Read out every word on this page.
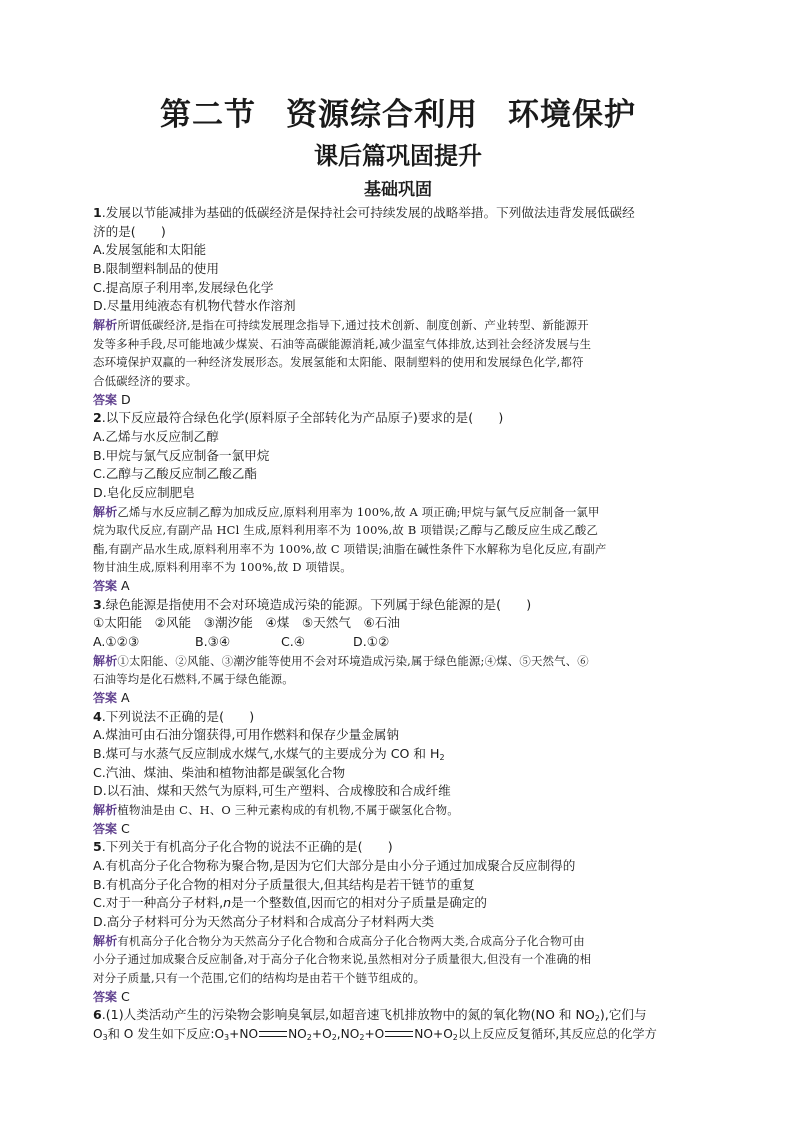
第二节 资源综合利用 环境保护
课后篇巩固提升
基础巩固
1.发展以节能减排为基础的低碳经济是保持社会可持续发展的战略举措。下列做法违背发展低碳经
济的是(　　)
A.发展氢能和太阳能
B.限制塑料制品的使用
C.提高原子利用率,发展绿色化学
D.尽量用纯液态有机物代替水作溶剂
解析所谓低碳经济,是指在可持续发展理念指导下,通过技术创新、制度创新、产业转型、新能源开
发等多种手段,尽可能地减少煤炭、石油等高碳能源消耗,减少温室气体排放,达到社会经济发展与生
态环境保护双赢的一种经济发展形态。发展氢能和太阳能、限制塑料的使用和发展绿色化学,都符
合低碳经济的要求。
答案 D
2.以下反应最符合绿色化学(原料原子全部转化为产品原子)要求的是(　　)
A.乙烯与水反应制乙醇
B.甲烷与氯气反应制备一氯甲烷
C.乙醇与乙酸反应制乙酸乙酯
D.皂化反应制肥皂
解析乙烯与水反应制乙醇为加成反应,原料利用率为 100%,故 A 项正确;甲烷与氯气反应制备一氯甲
烷为取代反应,有副产品 HCl 生成,原料利用率不为 100%,故 B 项错误;乙醇与乙酸反应生成乙酸乙
酯,有副产品水生成,原料利用率不为 100%,故 C 项错误;油脂在碱性条件下水解称为皂化反应,有副产
物甘油生成,原料利用率不为 100%,故 D 项错误。
答案 A
3.绿色能源是指使用不会对环境造成污染的能源。下列属于绿色能源的是(　　)
①太阳能　②风能　③潮汐能　④煤　⑤天然气　⑥石油
A.①②③	B.③④	C.④	D.①②
解析①太阳能、②风能、③潮汐能等使用不会对环境造成污染,属于绿色能源;④煤、⑤天然气、⑥
石油等均是化石燃料,不属于绿色能源。
答案 A
4.下列说法不正确的是(　　)
A.煤油可由石油分馏获得,可用作燃料和保存少量金属钠
B.煤可与水蒸气反应制成水煤气,水煤气的主要成分为 CO 和 $H_2$
C.汽油、煤油、柴油和植物油都是碳氢化合物
D.以石油、煤和天然气为原料,可生产塑料、合成橡胶和合成纤维
解析植物油是由 C、H、O 三种元素构成的有机物,不属于碳氢化合物。
答案 C
5.下列关于有机高分子化合物的说法不正确的是(　　)
A.有机高分子化合物称为聚合物,是因为它们大部分是由小分子通过加成聚合反应制得的
B.有机高分子化合物的相对分子质量很大,但其结构是若干链节的重复
C.对于一种高分子材料,n是一个整数值,因而它的相对分子质量是确定的
D.高分子材料可分为天然高分子材料和合成高分子材料两大类
解析有机高分子化合物分为天然高分子化合物和合成高分子化合物两大类,合成高分子化合物可由
小分子通过加成聚合反应制备,对于高分子化合物来说,虽然相对分子质量很大,但没有一个准确的相
对分子质量,只有一个范围,它们的结构均是由若干个链节组成的。
答案 C
6.(1)人类活动产生的污染物会影响臭氧层,如超音速飞机排放物中的氮的氧化物(NO 和 $NO_2$),它们与
$O_3$和 O 发生如下反应$:O_3+NO$ $NO_2+O_2,NO_2+O$ $NO+O_2$以上反应反复循环,其反应总的化学方
